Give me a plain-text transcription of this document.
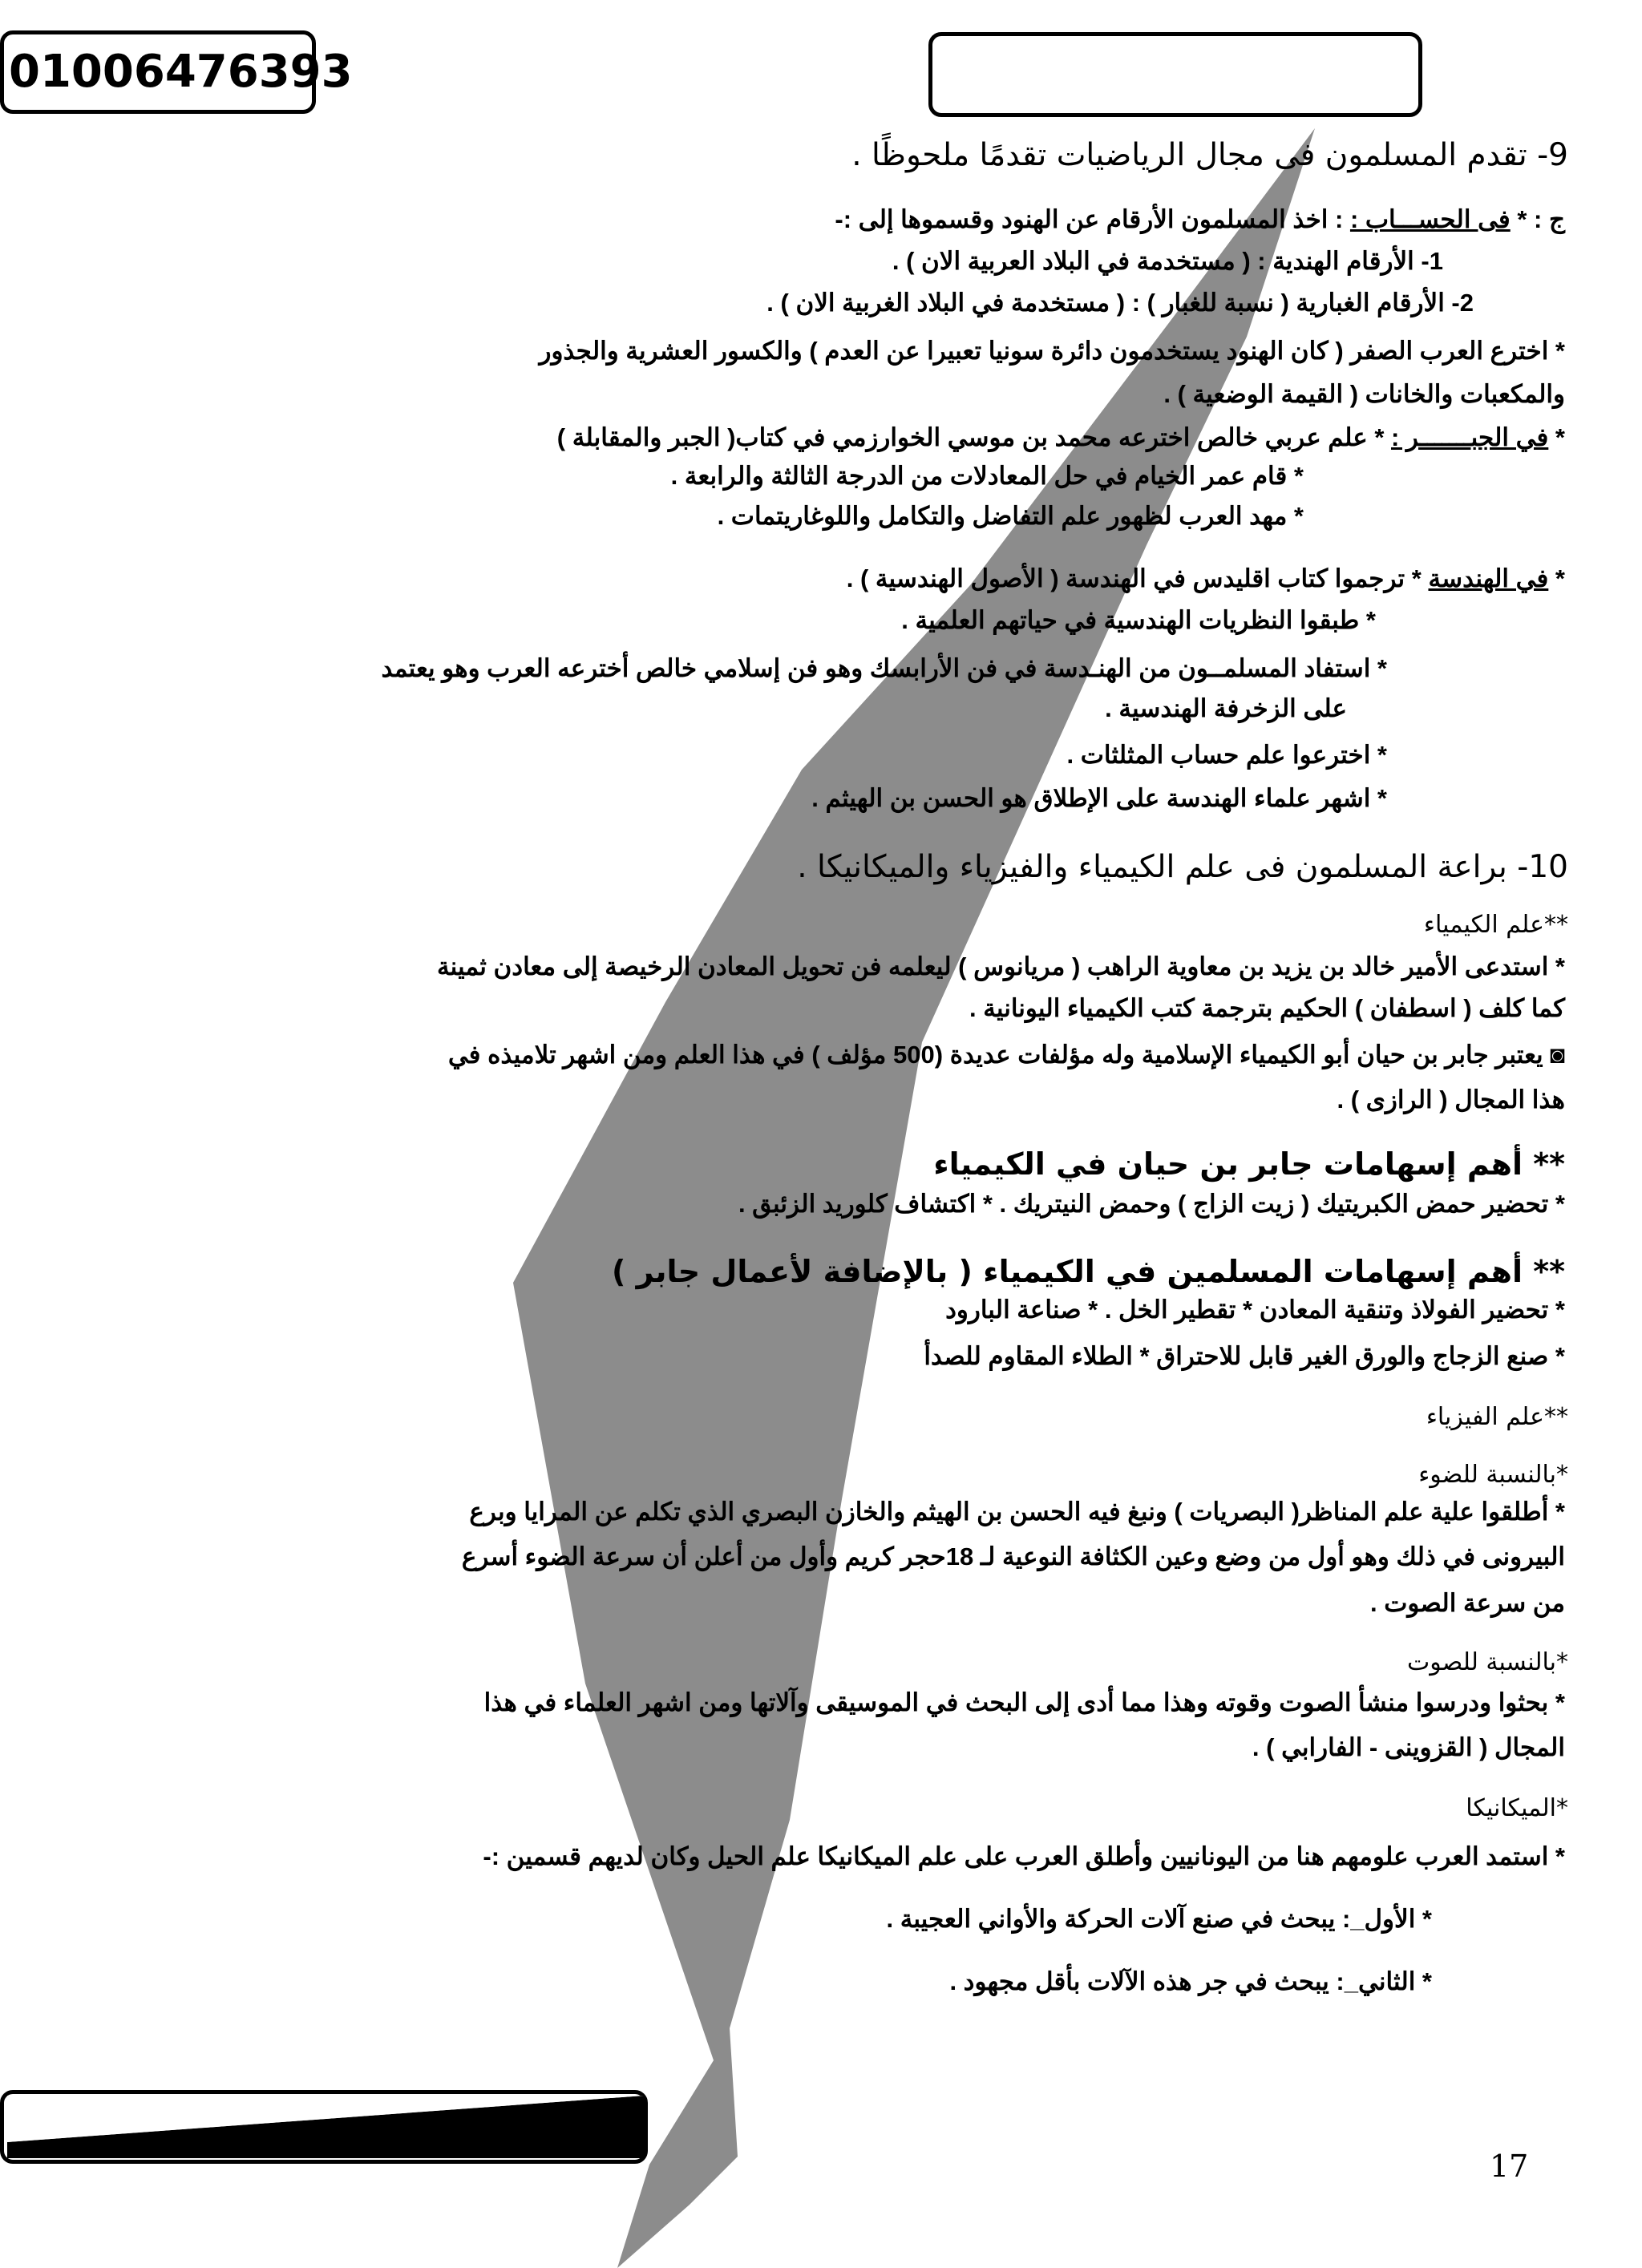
01006476393
9- تقدم المسلمون فى مجال الرياضيات تقدمًا ملحوظًا .
ج : * فى الحســـاب : : اخذ المسلمون الأرقام عن الهنود وقسموها إلى :-
1- الأرقام الهندية : ( مستخدمة في البلاد العربية الان ) .
2- الأرقام الغبارية ( نسبة للغبار ) : ( مستخدمة في البلاد الغربية الان ) .
* اخترع العرب الصفر ( كان الهنود يستخدمون دائرة سونيا تعبيرا عن العدم ) والكسور العشرية والجذور
والمكعبات والخانات ( القيمة الوضعية ) .
* في الجبـــــــر : * علم عربي خالص اخترعه محمد بن موسي الخوارزمي في كتاب( الجبر والمقابلة )
* قام عمر الخيام في حل المعادلات من الدرجة الثالثة والرابعة .
* مهد العرب لظهور علم التفاضل والتكامل واللوغاريتمات .
* في الهندسة * ترجموا كتاب اقليدس في الهندسة ( الأصول الهندسية ) .
* طبقوا النظريات الهندسية في حياتهم العلمية .
* استفاد المسلمــون من الهنـدسة في فن الأرابسك وهو فن إسلامي خالص أخترعه العرب وهو يعتمد
على الزخرفة الهندسية .
* اخترعوا علم حساب المثلثات .
* اشهر علماء الهندسة على الإطلاق هو الحسن بن الهيثم .
10- براعة المسلمون فى علم الكيمياء والفيزياء والميكانيكا .
**علم الكيمياء
* استدعى الأمير خالد بن يزيد بن معاوية الراهب ( مريانوس ) ليعلمه فن تحويل المعادن الرخيصة إلى معادن ثمينة
كما كلف ( اسطفان ) الحكيم بترجمة كتب الكيمياء اليونانية .
◙ يعتبر جابر بن حيان أبو الكيمياء الإسلامية وله مؤلفات عديدة (500 مؤلف ) في هذا العلم ومن اشهر تلاميذه في
هذا المجال ( الرازى ) .
** أهم إسهامات جابر بن حيان في الكيمياء
* تحضير حمض الكبريتيك ( زيت الزاج ) وحمض النيتريك . * اكتشاف كلوريد الزئبق .
** أهم إسهامات المسلمين في الكيمياء ( بالإضافة لأعمال جابر )
* تحضير الفولاذ وتنقية المعادن * تقطير الخل . * صناعة البارود
* صنع الزجاج والورق الغير قابل للاحتراق * الطلاء المقاوم للصدأ
**علم الفيزياء
*بالنسبة للضوء
* أطلقوا علية علم المناظر( البصريات ) ونبغ فيه الحسن بن الهيثم والخازن البصري الذي تكلم عن المرايا وبرع
البيرونى في ذلك وهو أول من وضع وعين الكثافة النوعية لـ 18حجر كريم وأول من أعلن أن سرعة الضوء أسرع
من سرعة الصوت .
*بالنسبة للصوت
* بحثوا ودرسوا منشأ الصوت وقوته وهذا مما أدى إلى البحث في الموسيقى وآلاتها ومن اشهر العلماء في هذا
المجال ( القزوينى - الفارابي ) .
*الميكانيكا
* استمد العرب علومهم هنا من اليونانيين وأطلق العرب على علم الميكانيكا علم الحيل وكان لديهم قسمين :-
* الأول_: يبحث في صنع آلات الحركة والأواني العجيبة .
* الثاني_: يبحث في جر هذه الآلات بأقل مجهود .
17
